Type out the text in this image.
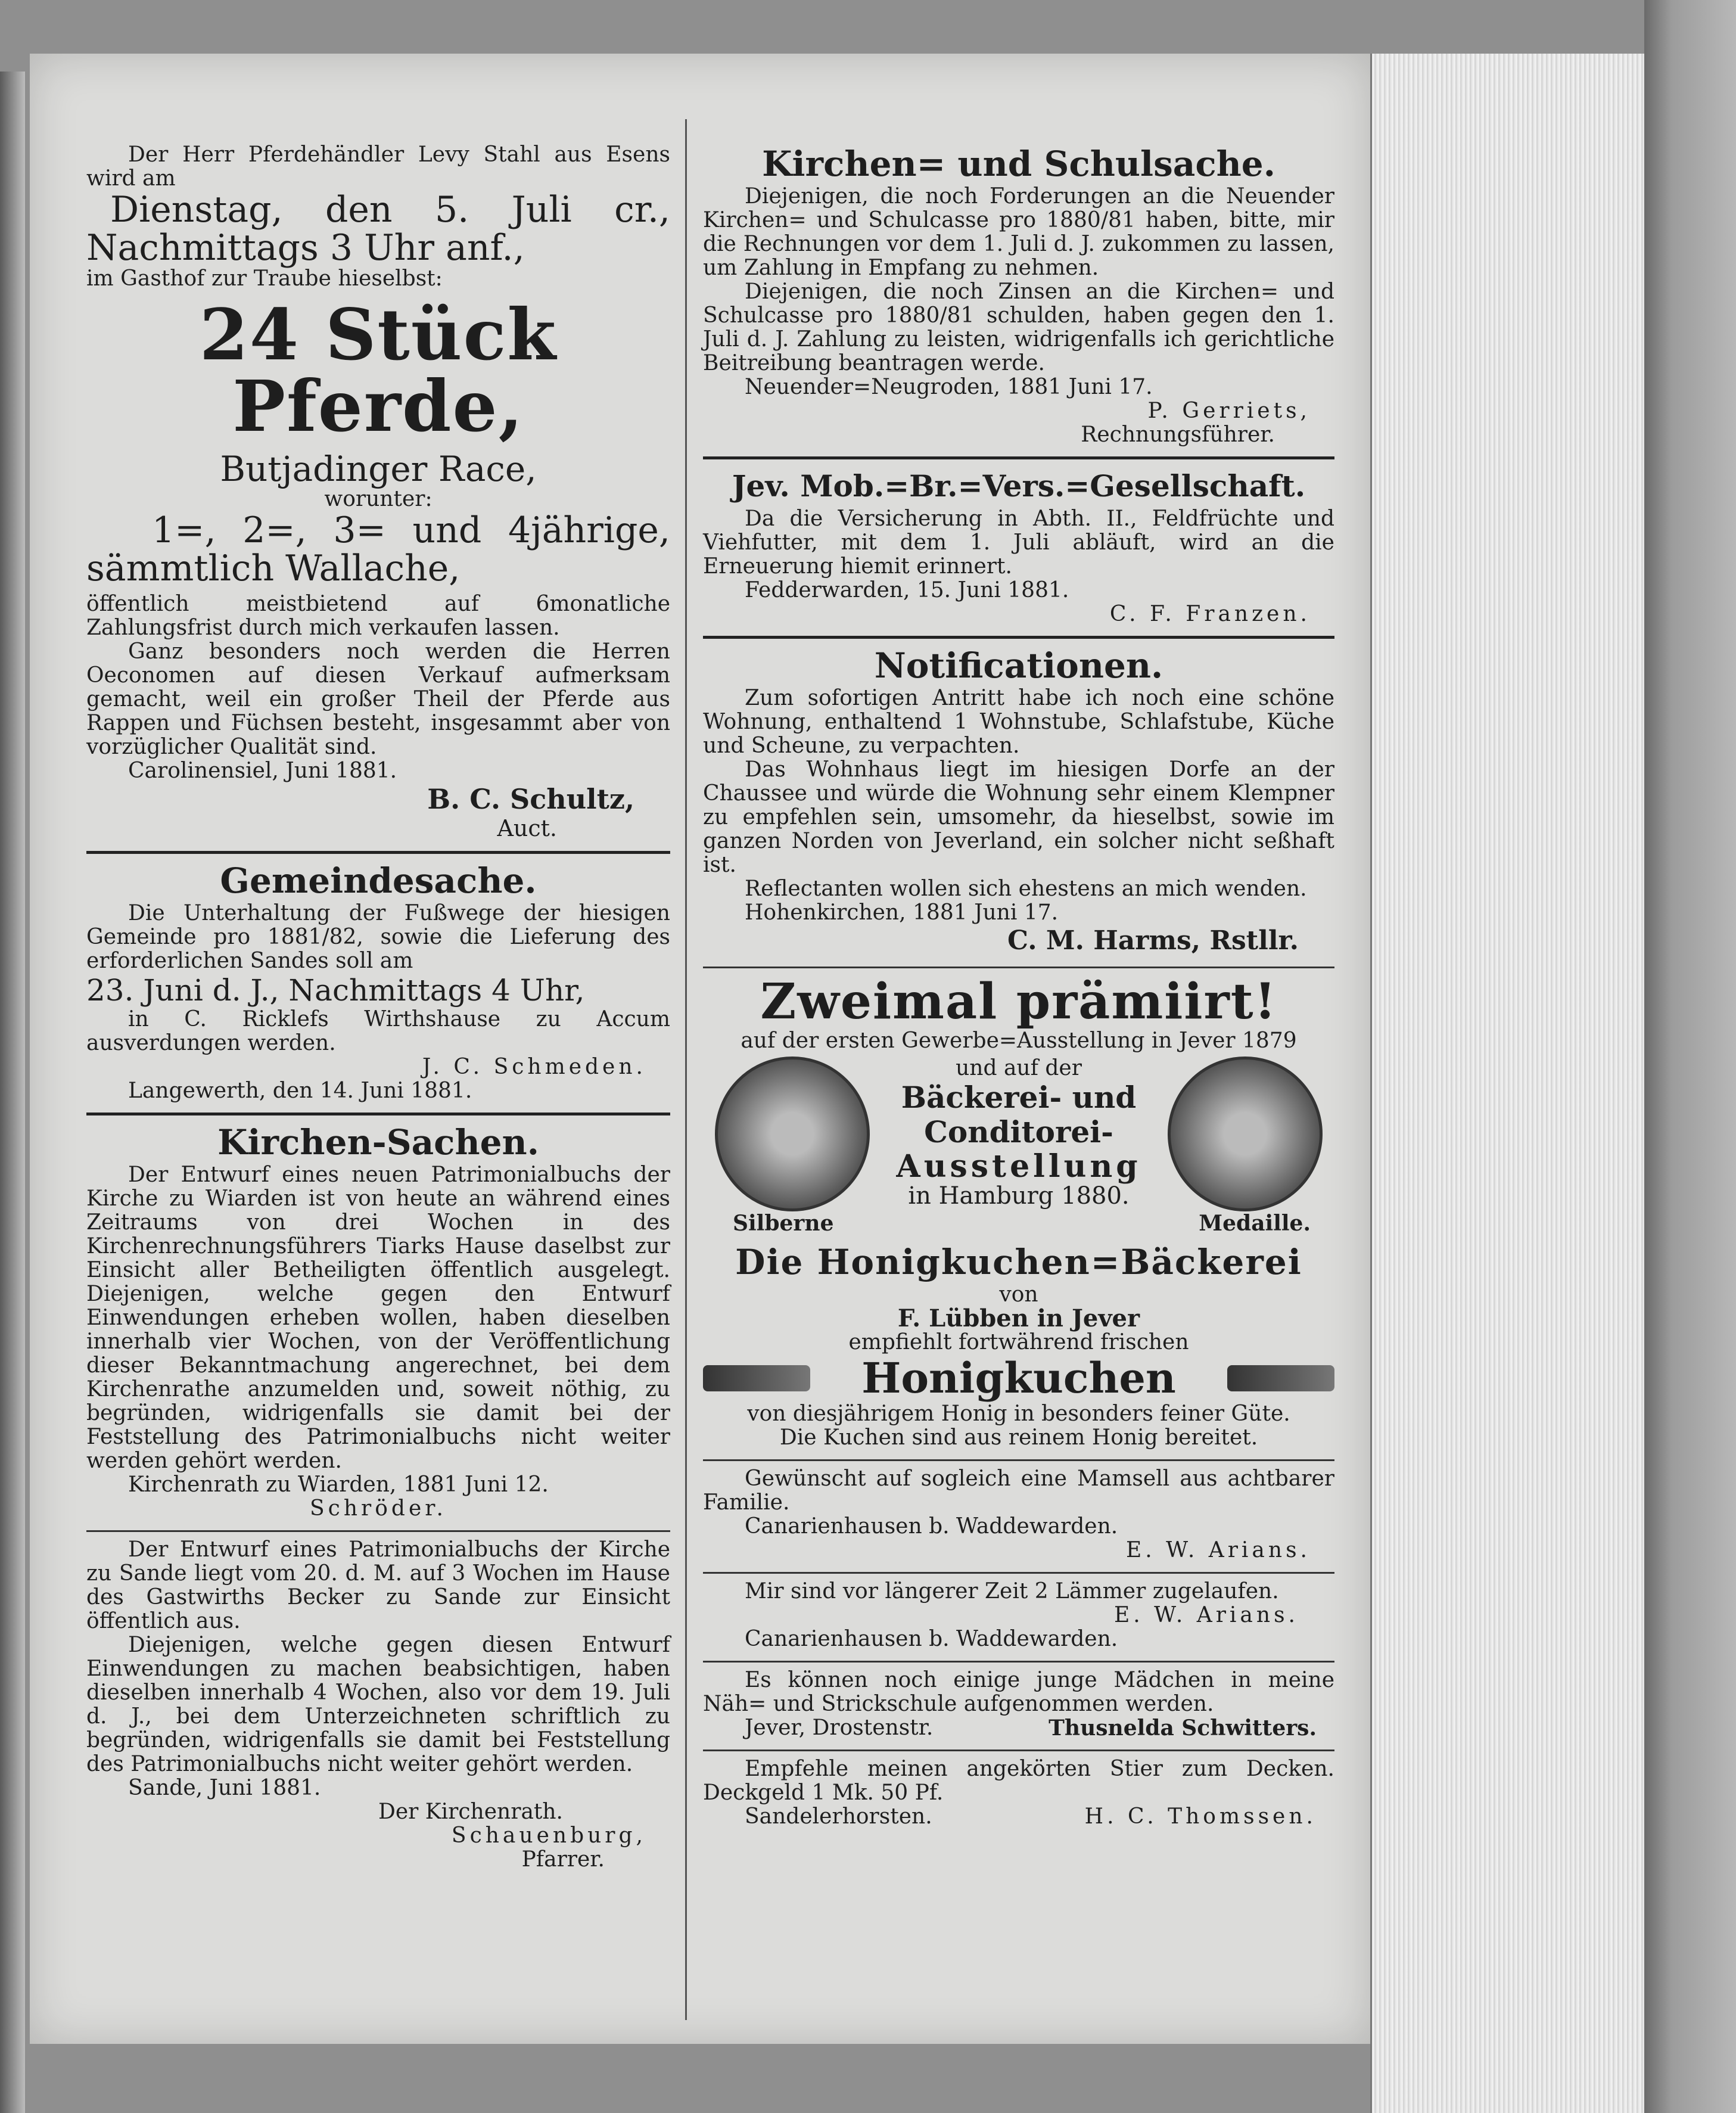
Der Herr Pferdehändler Levy Stahl aus Esens wird am

Dienstag, den 5. Juli cr., Nachmittags 3 Uhr anf.,

im Gasthof zur Traube hieselbst:

24 Stück Pferde,

Butjadinger Race,

worunter:

1=, 2=, 3= und 4jährige, sämmtlich Wallache,

öffentlich meistbietend auf 6monatliche Zahlungsfrist durch mich verkaufen lassen.

Ganz besonders noch werden die Herren Oeconomen auf diesen Verkauf aufmerksam gemacht, weil ein großer Theil der Pferde aus Rappen und Füchsen besteht, insgesammt aber von vorzüglicher Qualität sind.

Carolinensiel, Juni 1881.

B. C. Schultz,

Auct.

Gemeindesache.

Die Unterhaltung der Fußwege der hiesigen Gemeinde pro 1881/82, sowie die Lieferung des erforderlichen Sandes soll am

23. Juni d. J., Nachmittags 4 Uhr,

in C. Ricklefs Wirthshause zu Accum ausverdungen werden.

J. C. Schmeden.

Langewerth, den 14. Juni 1881.

Kirchen-Sachen.

Der Entwurf eines neuen Patrimonialbuchs der Kirche zu Wiarden ist von heute an während eines Zeitraums von drei Wochen in des Kirchenrechnungsführers Tiarks Hause daselbst zur Einsicht aller Betheiligten öffentlich ausgelegt. Diejenigen, welche gegen den Entwurf Einwendungen erheben wollen, haben dieselben innerhalb vier Wochen, von der Veröffentlichung dieser Bekanntmachung angerechnet, bei dem Kirchenrathe anzumelden und, soweit nöthig, zu begründen, widrigenfalls sie damit bei der Feststellung des Patrimonialbuchs nicht weiter werden gehört werden.

Kirchenrath zu Wiarden, 1881 Juni 12.

Schröder.

Der Entwurf eines Patrimonialbuchs der Kirche zu Sande liegt vom 20. d. M. auf 3 Wochen im Hause des Gastwirths Becker zu Sande zur Einsicht öffentlich aus.

Diejenigen, welche gegen diesen Entwurf Einwendungen zu machen beabsichtigen, haben dieselben innerhalb 4 Wochen, also vor dem 19. Juli d. J., bei dem Unterzeichneten schriftlich zu begründen, widrigenfalls sie damit bei Feststellung des Patrimonialbuchs nicht weiter gehört werden.

Sande, Juni 1881.

Der Kirchenrath.

Schauenburg,

Pfarrer.

Kirchen= und Schulsache.

Diejenigen, die noch Forderungen an die Neuender Kirchen= und Schulcasse pro 1880/81 haben, bitte, mir die Rechnungen vor dem 1. Juli d. J. zukommen zu lassen, um Zahlung in Empfang zu nehmen.

Diejenigen, die noch Zinsen an die Kirchen= und Schulcasse pro 1880/81 schulden, haben gegen den 1. Juli d. J. Zahlung zu leisten, widrigenfalls ich gerichtliche Beitreibung beantragen werde.

Neuender=Neugroden, 1881 Juni 17.

P. Gerriets,

Rechnungsführer.

Jev. Mob.=Br.=Vers.=Gesellschaft.

Da die Versicherung in Abth. II., Feldfrüchte und Viehfutter, mit dem 1. Juli abläuft, wird an die Erneuerung hiemit erinnert.

Fedderwarden, 15. Juni 1881.

C. F. Franzen.

Notificationen.

Zum sofortigen Antritt habe ich noch eine schöne Wohnung, enthaltend 1 Wohnstube, Schlafstube, Küche und Scheune, zu verpachten.

Das Wohnhaus liegt im hiesigen Dorfe an der Chaussee und würde die Wohnung sehr einem Klempner zu empfehlen sein, umsomehr, da hieselbst, sowie im ganzen Norden von Jeverland, ein solcher nicht seßhaft ist.

Reflectanten wollen sich ehestens an mich wenden.

Hohenkirchen, 1881 Juni 17.

C. M. Harms, Rstllr.

Zweimal prämiirt!

auf der ersten Gewerbe=Ausstellung in Jever 1879

und auf der

Bäckerei- und

Conditorei-

Ausstellung

in Hamburg 1880.

Silberne	Medaille.

Die Honigkuchen=Bäckerei

von

F. Lübben in Jever

empfiehlt fortwährend frischen

Honigkuchen

von diesjährigem Honig in besonders feiner Güte.

Die Kuchen sind aus reinem Honig bereitet.

Gewünscht auf sogleich eine Mamsell aus achtbarer Familie.

Canarienhausen b. Waddewarden.

E. W. Arians.

Mir sind vor längerer Zeit 2 Lämmer zugelaufen.

E. W. Arians.

Canarienhausen b. Waddewarden.

Es können noch einige junge Mädchen in meine Näh= und Strickschule aufgenommen werden.

Jever, Drostenstr.	Thusnelda Schwitters.

Empfehle meinen angekörten Stier zum Decken. Deckgeld 1 Mk. 50 Pf.

Sandelerhorsten.	H. C. Thomssen.
